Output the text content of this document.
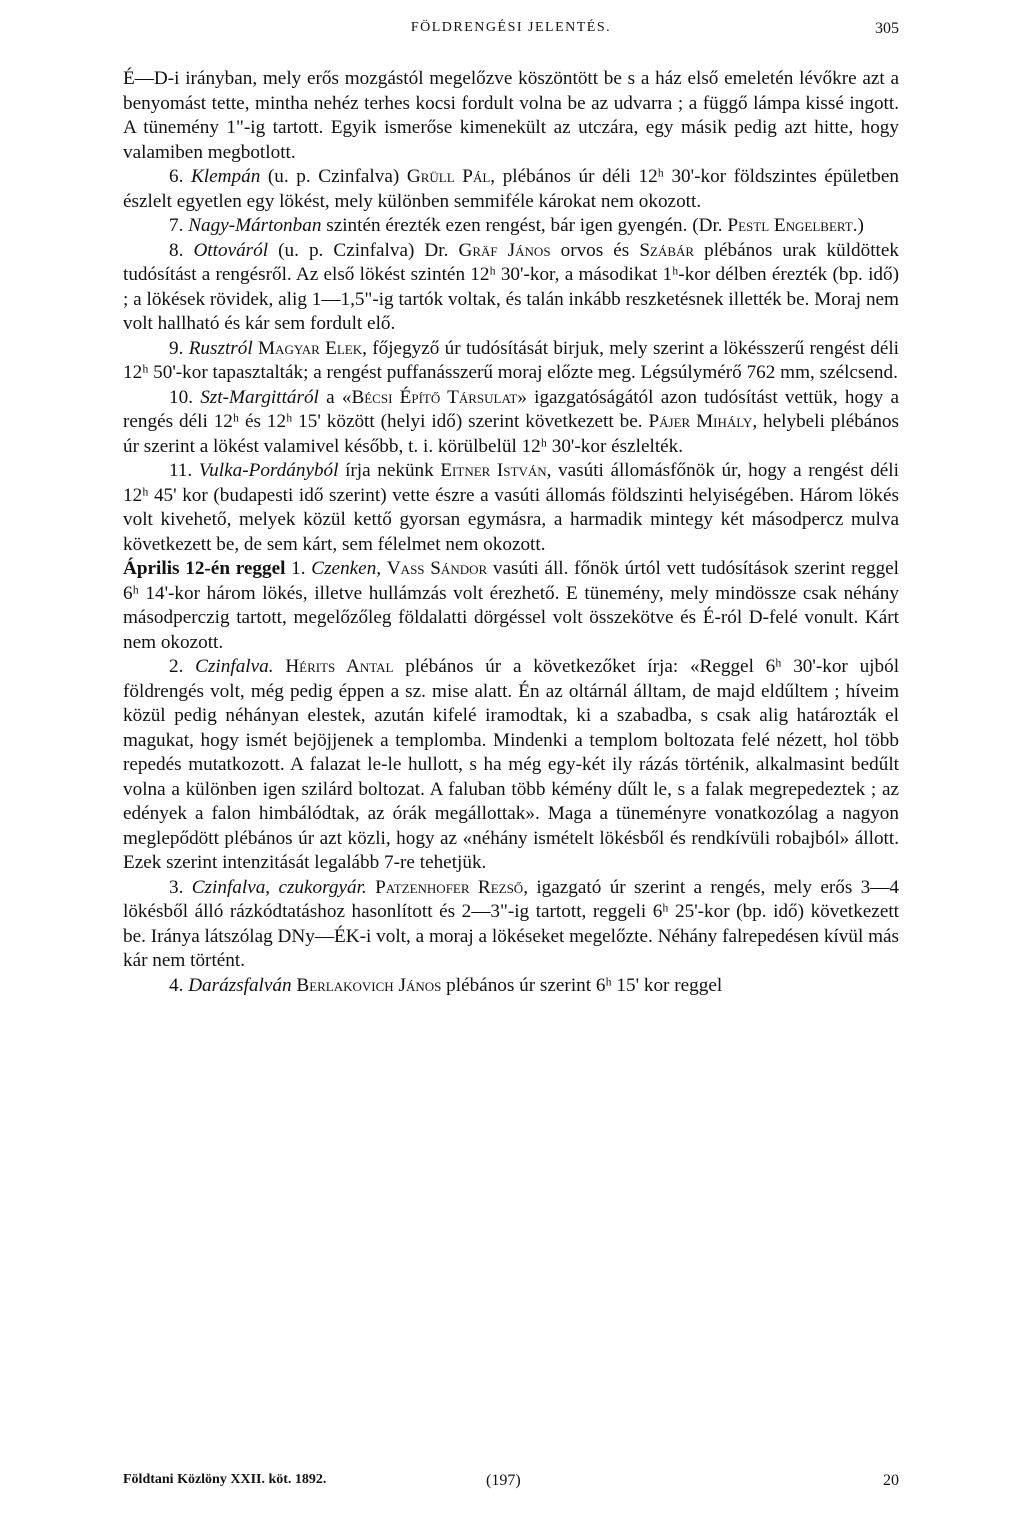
FÖLDRENGÉSI JELENTÉS.	305

É—D-i irányban, mely erős mozgástól megelőzve köszöntött be s a ház első emeletén lévőkre azt a benyomást tette, mintha nehéz terhes kocsi fordult volna be az udvarra ; a függő lámpa kissé ingott. A tünemény 1"-ig tartott. Egyik ismerőse kimenekült az utczára, egy másik pedig azt hitte, hogy valamiben megbotlott.

6. Klempán (u. p. Czinfalva) Grüll Pál, plébános úr déli 12ʰ 30'-kor földszintes épületben észlelt egyetlen egy lökést, mely különben semmiféle károkat nem okozott.

7. Nagy-Mártonban szintén érezték ezen rengést, bár igen gyengén. (Dr. Pestl Engelbert.)

8. Ottováról (u. p. Czinfalva) Dr. Gräf János orvos és Szábár plébános urak küldöttek tudósítást a rengésről. Az első lökést szintén 12ʰ 30'-kor, a másodikat 1ʰ-kor délben érezték (bp. idő) ; a lökések rövidek, alig 1—1,5"-ig tartók voltak, és talán inkább reszketésnek illették be. Moraj nem volt hallható és kár sem fordult elő.

9. Rusztról Magyar Elek, főjegyző úr tudósítását birjuk, mely szerint a lökésszerű rengést déli 12ʰ 50'-kor tapasztalták; a rengést puffanásszerű moraj előzte meg. Légsúlymérő 762 mm, szélcsend.

10. Szt-Margittáról a «Bécsi Építő Társulat» igazgatóságától azon tudósítást vettük, hogy a rengés déli 12ʰ és 12ʰ 15' között (helyi idő) szerint következett be. Pájer Mihály, helybeli plébános úr szerint a lökést valamivel később, t. i. körülbelül 12ʰ 30'-kor észlelték.

11. Vulka-Pordányból írja nekünk Eitner István, vasúti állomásfőnök úr, hogy a rengést déli 12ʰ 45' kor (budapesti idő szerint) vette észre a vasúti állomás földszinti helyiségében. Három lökés volt kivehető, melyek közül kettő gyorsan egymásra, a harmadik mintegy két másodpercz mulva következett be, de sem kárt, sem félelmet nem okozott.

Április 12-én reggel 1. Czenken, Vass Sándor vasúti áll. főnök úrtól vett tudósítások szerint reggel 6ʰ 14'-kor három lökés, illetve hullámzás volt érezhető. E tünemény, mely mindössze csak néhány másodperczig tartott, megelőzőleg földalatti dörgéssel volt összekötve és É-ról D-felé vonult. Kárt nem okozott.

2. Czinfalva. Hérits Antal plébános úr a következőket írja: «Reggel 6ʰ 30'-kor ujból földrengés volt, még pedig éppen a sz. mise alatt. Én az oltárnál álltam, de majd eldűltem ; híveim közül pedig néhányan elestek, azután kifelé iramodtak, ki a szabadba, s csak alig határozták el magukat, hogy ismét bejöjjenek a templomba. Mindenki a templom boltozata felé nézett, hol több repedés mutatkozott. A falazat le-le hullott, s ha még egy-két ily rázás történik, alkalmasint bedűlt volna a különben igen szilárd boltozat. A faluban több kémény dűlt le, s a falak megrepedeztek ; az edények a falon himbálódtak, az órák megállottak». Maga a tüneményre vonatkozólag a nagyon meglepődött plébános úr azt közli, hogy az «néhány ismételt lökésből és rendkívüli robajból» állott. Ezek szerint intenzitását legalább 7-re tehetjük.

3. Czinfalva, czukorgyár. Patzenhofer Rezső, igazgató úr szerint a rengés, mely erős 3—4 lökésből álló rázkódtatáshoz hasonlított és 2—3"-ig tartott, reggeli 6ʰ 25'-kor (bp. idő) következett be. Iránya látszólag DNy—ÉK-i volt, a moraj a lökéseket megelőzte. Néhány falrepedésen kívül más kár nem történt.

4. Darázsfalván Berlakovich János plébános úr szerint 6ʰ 15' kor reggel

Földtani Közlöny XXII. köt. 1892.	(197)	20
